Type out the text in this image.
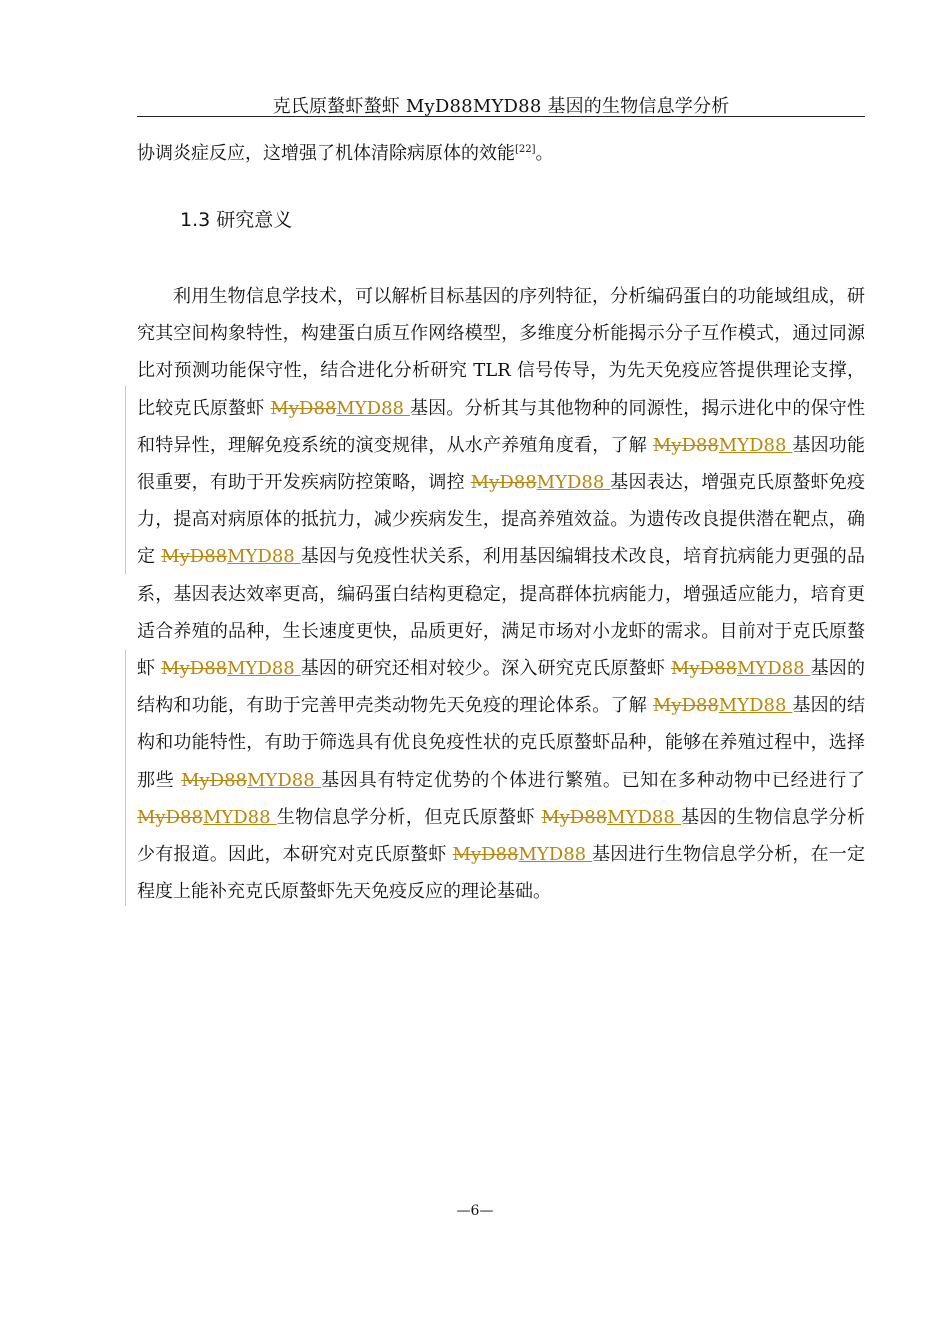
克氏原螯虾螯虾 MyD88MYD88 基因的生物信息学分析
协调炎症反应，这增强了机体清除病原体的效能[22]。
1.3 研究意义

利用生物信息学技术，可以解析目标基因的序列特征，分析编码蛋白的功能域组成，研究其空间构象特性，构建蛋白质互作网络模型，多维度分析能揭示分子互作模式，通过同源比对预测功能保守性，结合进化分析研究 TLR 信号传导，为先天免疫应答提供理论支撑，比较克氏原螯虾 MyD88MYD88 基因。分析其与其他物种的同源性，揭示进化中的保守性和特异性，理解免疫系统的演变规律，从水产养殖角度看，了解 MyD88MYD88 基因功能很重要，有助于开发疾病防控策略，调控 MyD88MYD88 基因表达，增强克氏原螯虾免疫力，提高对病原体的抵抗力，减少疾病发生，提高养殖效益。为遗传改良提供潜在靶点，确定 MyD88MYD88 基因与免疫性状关系，利用基因编辑技术改良，培育抗病能力更强的品系，基因表达效率更高，编码蛋白结构更稳定，提高群体抗病能力，增强适应能力，培育更适合养殖的品种，生长速度更快，品质更好，满足市场对小龙虾的需求。目前对于克氏原螯虾 MyD88MYD88 基因的研究还相对较少。深入研究克氏原螯虾 MyD88MYD88 基因的结构和功能，有助于完善甲壳类动物先天免疫的理论体系。了解 MyD88MYD88 基因的结构和功能特性，有助于筛选具有优良免疫性状的克氏原螯虾品种，能够在养殖过程中，选择那些 MyD88MYD88 基因具有特定优势的个体进行繁殖。已知在多种动物中已经进行了 MyD88MYD88 生物信息学分析，但克氏原螯虾 MyD88MYD88 基因的生物信息学分析少有报道。因此，本研究对克氏原螯虾 MyD88MYD88 基因进行生物信息学分析，在一定程度上能补充克氏原螯虾先天免疫反应的理论基础。

—6—
